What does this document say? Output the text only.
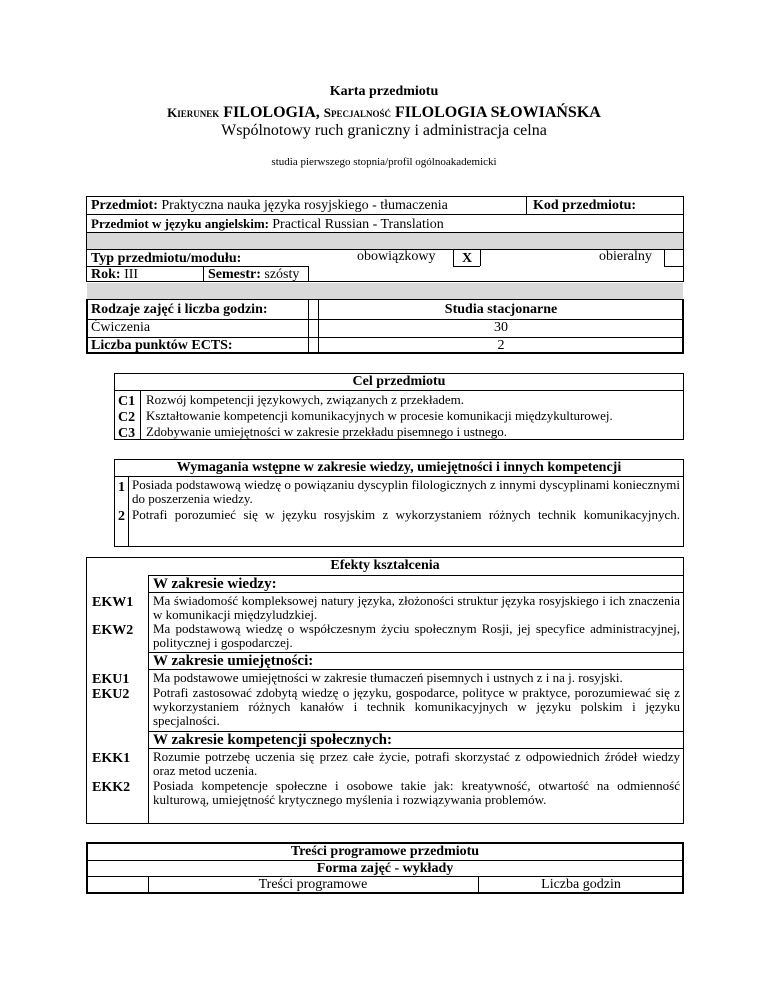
Karta przedmiotu
Kierunek FILOLOGIA, Specjalność FILOLOGIA SŁOWIAŃSKA
Wspólnotowy ruch graniczny i administracja celna
studia pierwszego stopnia/profil ogólnoakademicki
Przedmiot: Praktyczna nauka języka rosyjskiego - tłumaczenia	Kod przedmiotu:
Przedmiot w języku angielskim: Practical Russian - Translation
Typ przedmiotu/modułu:	obowiązkowy X	obieralny
Rok: III	Semestr: szósty
Rodzaje zajęć i liczba godzin:	Studia stacjonarne
Ćwiczenia	30
Liczba punktów ECTS:	2
Cel przedmiotu
C1 Rozwój kompetencji językowych, związanych z przekładem.
C2 Kształtowanie kompetencji komunikacyjnych w procesie komunikacji międzykulturowej.
C3 Zdobywanie umiejętności w zakresie przekładu pisemnego i ustnego.
Wymagania wstępne w zakresie wiedzy, umiejętności i innych kompetencji
1 Posiada podstawową wiedzę o powiązaniu dyscyplin filologicznych z innymi dyscyplinami koniecznymi do poszerzenia wiedzy.
2 Potrafi porozumieć się w języku rosyjskim z wykorzystaniem różnych technik komunikacyjnych.
Efekty kształcenia
W zakresie wiedzy:
EKW1 Ma świadomość kompleksowej natury języka, złożoności struktur języka rosyjskiego i ich znaczenia w komunikacji międzyludzkiej.
EKW2 Ma podstawową wiedzę o współczesnym życiu społecznym Rosji, jej specyfice administracyjnej, politycznej i gospodarczej.
W zakresie umiejętności:
EKU1 Ma podstawowe umiejętności w zakresie tłumaczeń pisemnych i ustnych z i na j. rosyjski.
EKU2 Potrafi zastosować zdobytą wiedzę o języku, gospodarce, polityce w praktyce, porozumiewać się z wykorzystaniem różnych kanałów i technik komunikacyjnych w języku polskim i języku specjalności.
W zakresie kompetencji społecznych:
EKK1 Rozumie potrzebę uczenia się przez całe życie, potrafi skorzystać z odpowiednich źródeł wiedzy oraz metod uczenia.
EKK2 Posiada kompetencje społeczne i osobowe takie jak: kreatywność, otwartość na odmienność kulturową, umiejętność krytycznego myślenia i rozwiązywania problemów.
Treści programowe przedmiotu
Forma zajęć - wykłady
Treści programowe	Liczba godzin
